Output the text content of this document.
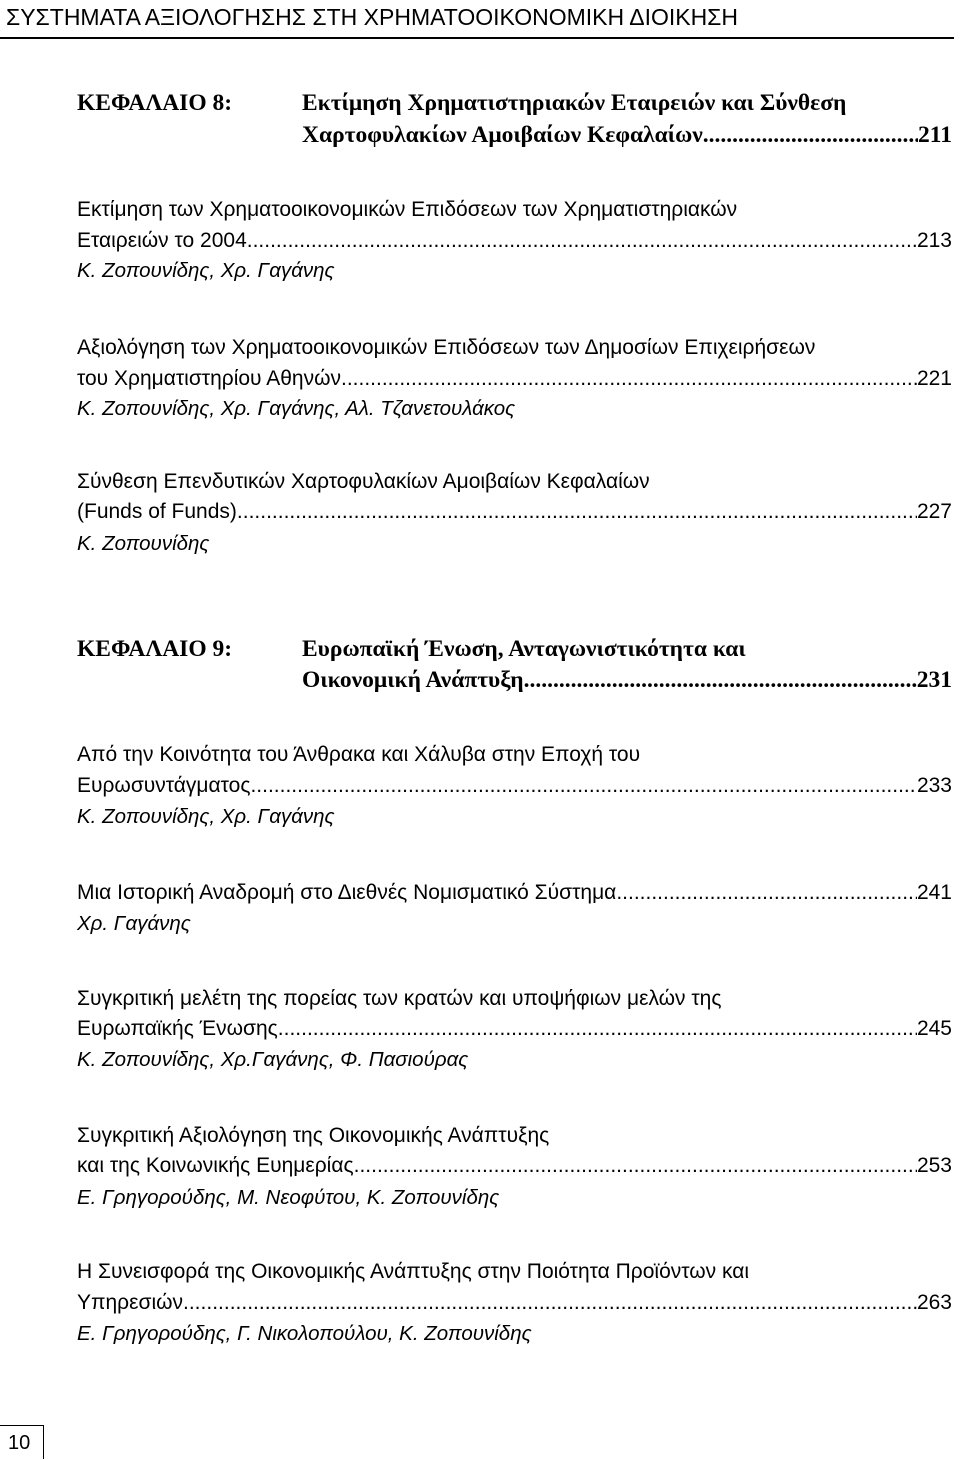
ΣΥΣΤΗΜΑΤΑ ΑΞΙΟΛΟΓΗΣΗΣ ΣΤΗ ΧΡΗΜΑΤΟΟΙΚΟΝΟΜΙΚΗ ΔΙΟΙΚΗΣΗ
ΚΕΦΑΛΑΙΟ 8:	Εκτίμηση Χρηματιστηριακών Εταιρειών και Σύνθεση
Χαρτοφυλακίων Αμοιβαίων Κεφαλαίων .....	211
Εκτίμηση των Χρηματοοικονομικών Επιδόσεων των Χρηματιστηριακών
Εταιρειών το 2004 .....	213
Κ. Ζοπουνίδης, Χρ. Γαγάνης
Αξιολόγηση των Χρηματοοικονομικών Επιδόσεων των Δημοσίων Επιχειρήσεων
του Χρηματιστηρίου Αθηνών .....	221
Κ. Ζοπουνίδης, Χρ. Γαγάνης, Αλ. Τζανετουλάκος
Σύνθεση Επενδυτικών Χαρτοφυλακίων Αμοιβαίων Κεφαλαίων
(Funds of Funds) .....	227
Κ. Ζοπουνίδης
ΚΕΦΑΛΑΙΟ 9:	Ευρωπαϊκή Ένωση, Ανταγωνιστικότητα και
Οικονομική Ανάπτυξη .....	231
Από την Κοινότητα του Άνθρακα και Χάλυβα στην Εποχή του
Ευρωσυντάγματος .....	233
Κ. Ζοπουνίδης, Χρ. Γαγάνης
Μια Ιστορική Αναδρομή στο Διεθνές Νομισματικό Σύστημα .....	241
Χρ. Γαγάνης
Συγκριτική μελέτη της πορείας των κρατών και υποψήφιων μελών της
Ευρωπαϊκής Ένωσης .....	245
Κ. Ζοπουνίδης, Χρ.Γαγάνης, Φ. Πασιούρας
Συγκριτική Αξιολόγηση της Οικονομικής Ανάπτυξης
και της Κοινωνικής Ευημερίας .....	253
Ε. Γρηγορούδης, Μ. Νεοφύτου, Κ. Ζοπουνίδης
Η Συνεισφορά της Οικονομικής Ανάπτυξης στην Ποιότητα Προϊόντων και
Υπηρεσιών .....	263
Ε. Γρηγορούδης, Γ. Νικολοπούλου, Κ. Ζοπουνίδης
10
